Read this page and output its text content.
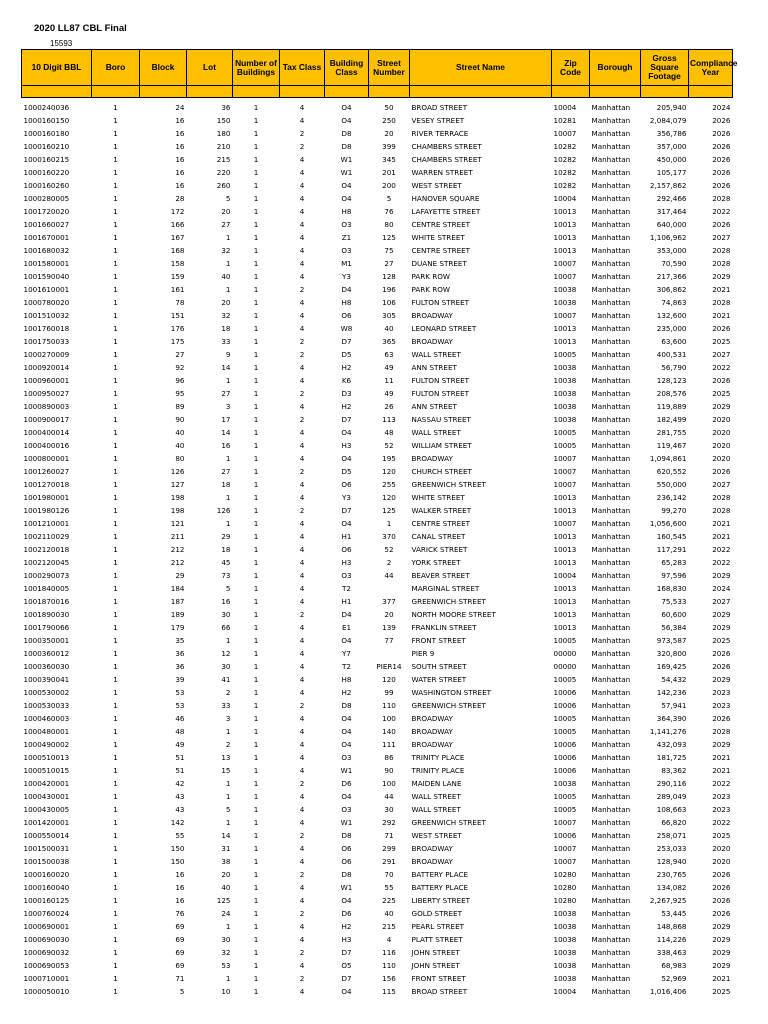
2020 LL87 CBL Final
15593
10 Digit BBL	Boro	Block	Lot	Number of Buildings	Tax Class	Building Class	Street Number	Street Name	Zip Code	Borough	Gross Square Footage	Compliance Year

1000240036	1	24	36	1	4	O4	50	BROAD STREET	10004	Manhattan	205,940	2024
1000160150	1	16	150	1	4	O4	250	VESEY STREET	10281	Manhattan	2,084,079	2026
1000160180	1	16	180	1	2	D8	20	RIVER TERRACE	10007	Manhattan	356,786	2026
1000160210	1	16	210	1	2	D8	399	CHAMBERS STREET	10282	Manhattan	357,000	2026
1000160215	1	16	215	1	4	W1	345	CHAMBERS STREET	10282	Manhattan	450,000	2026
1000160220	1	16	220	1	4	W1	201	WARREN STREET	10282	Manhattan	105,177	2026
1000160260	1	16	260	1	4	O4	200	WEST STREET	10282	Manhattan	2,157,862	2026
1000280005	1	28	5	1	4	O4	5	HANOVER SQUARE	10004	Manhattan	292,466	2028
1001720020	1	172	20	1	4	H8	76	LAFAYETTE STREET	10013	Manhattan	317,464	2022
1001660027	1	166	27	1	4	O3	80	CENTRE STREET	10013	Manhattan	640,000	2026
1001670001	1	167	1	1	4	Z1	125	WHITE STREET	10013	Manhattan	1,106,962	2027
1001680032	1	168	32	1	4	O3	75	CENTRE STREET	10013	Manhattan	353,000	2028
1001580001	1	158	1	1	4	M1	27	DUANE STREET	10007	Manhattan	70,590	2028
1001590040	1	159	40	1	4	Y3	128	PARK ROW	10007	Manhattan	217,366	2029
1001610001	1	161	1	1	2	D4	196	PARK ROW	10038	Manhattan	306,862	2021
1000780020	1	78	20	1	4	H8	106	FULTON STREET	10038	Manhattan	74,863	2028
1001510032	1	151	32	1	4	O6	305	BROADWAY	10007	Manhattan	132,600	2021
1001760018	1	176	18	1	4	W8	40	LEONARD STREET	10013	Manhattan	235,000	2026
1001750033	1	175	33	1	2	D7	365	BROADWAY	10013	Manhattan	63,600	2025
1000270009	1	27	9	1	2	D5	63	WALL STREET	10005	Manhattan	400,531	2027
1000920014	1	92	14	1	4	H2	49	ANN STREET	10038	Manhattan	56,790	2022
1000960001	1	96	1	1	4	K6	11	FULTON STREET	10038	Manhattan	128,123	2026
1000950027	1	95	27	1	2	D3	49	FULTON STREET	10038	Manhattan	208,576	2025
1000890003	1	89	3	1	4	H2	26	ANN STREET	10038	Manhattan	119,889	2029
1000900017	1	90	17	1	2	D7	113	NASSAU STREET	10038	Manhattan	182,499	2020
1000400014	1	40	14	1	4	O4	48	WALL STREET	10005	Manhattan	281,755	2020
1000400016	1	40	16	1	4	H3	52	WILLIAM STREET	10005	Manhattan	119,467	2020
1000800001	1	80	1	1	4	O4	195	BROADWAY	10007	Manhattan	1,094,861	2020
1001260027	1	126	27	1	2	D5	120	CHURCH STREET	10007	Manhattan	620,552	2026
1001270018	1	127	18	1	4	O6	255	GREENWICH STREET	10007	Manhattan	550,000	2027
1001980001	1	198	1	1	4	Y3	120	WHITE STREET	10013	Manhattan	236,142	2028
1001980126	1	198	126	1	2	D7	125	WALKER STREET	10013	Manhattan	99,270	2028
1001210001	1	121	1	1	4	O4	1	CENTRE STREET	10007	Manhattan	1,056,600	2021
1002110029	1	211	29	1	4	H1	370	CANAL STREET	10013	Manhattan	160,545	2021
1002120018	1	212	18	1	4	O6	52	VARICK STREET	10013	Manhattan	117,291	2022
1002120045	1	212	45	1	4	H3	2	YORK STREET	10013	Manhattan	65,283	2022
1000290073	1	29	73	1	4	O3	44	BEAVER STREET	10004	Manhattan	97,596	2029
1001840005	1	184	5	1	4	T2		MARGINAL STREET	10013	Manhattan	168,830	2024
1001870016	1	187	16	1	4	H1	377	GREENWICH STREET	10013	Manhattan	75,533	2027
1001890030	1	189	30	1	2	D4	20	NORTH MOORE STREET	10013	Manhattan	60,600	2029
1001790066	1	179	66	1	4	E1	139	FRANKLIN STREET	10013	Manhattan	56,384	2029
1000350001	1	35	1	1	4	O4	77	FRONT STREET	10005	Manhattan	973,587	2025
1000360012	1	36	12	1	4	Y7		PIER 9	00000	Manhattan	320,800	2026
1000360030	1	36	30	1	4	T2	PIER14	SOUTH STREET	00000	Manhattan	169,425	2026
1000390041	1	39	41	1	4	H8	120	WATER STREET	10005	Manhattan	54,432	2029
1000530002	1	53	2	1	4	H2	99	WASHINGTON STREET	10006	Manhattan	142,236	2023
1000530033	1	53	33	1	2	D8	110	GREENWICH STREET	10006	Manhattan	57,941	2023
1000460003	1	46	3	1	4	O4	100	BROADWAY	10005	Manhattan	364,390	2026
1000480001	1	48	1	1	4	O4	140	BROADWAY	10005	Manhattan	1,141,276	2028
1000490002	1	49	2	1	4	O4	111	BROADWAY	10006	Manhattan	432,093	2029
1000510013	1	51	13	1	4	O3	86	TRINITY PLACE	10006	Manhattan	181,725	2021
1000510015	1	51	15	1	4	W1	90	TRINITY PLACE	10006	Manhattan	83,362	2021
1000420001	1	42	1	1	2	D6	100	MAIDEN LANE	10038	Manhattan	290,116	2022
1000430001	1	43	1	1	4	O4	44	WALL STREET	10005	Manhattan	289,049	2023
1000430005	1	43	5	1	4	O3	30	WALL STREET	10005	Manhattan	108,663	2023
1001420001	1	142	1	1	4	W1	292	GREENWICH STREET	10007	Manhattan	66,820	2022
1000550014	1	55	14	1	2	D8	71	WEST STREET	10006	Manhattan	258,071	2025
1001500031	1	150	31	1	4	O6	299	BROADWAY	10007	Manhattan	253,033	2020
1001500038	1	150	38	1	4	O6	291	BROADWAY	10007	Manhattan	128,940	2020
1000160020	1	16	20	1	2	D8	70	BATTERY PLACE	10280	Manhattan	230,765	2026
1000160040	1	16	40	1	4	W1	55	BATTERY PLACE	10280	Manhattan	134,082	2026
1000160125	1	16	125	1	4	O4	225	LIBERTY STREET	10280	Manhattan	2,267,925	2026
1000760024	1	76	24	1	2	D6	40	GOLD STREET	10038	Manhattan	53,445	2026
1000690001	1	69	1	1	4	H2	215	PEARL STREET	10038	Manhattan	148,868	2029
1000690030	1	69	30	1	4	H3	4	PLATT STREET	10038	Manhattan	114,226	2029
1000690032	1	69	32	1	2	D7	116	JOHN STREET	10038	Manhattan	338,463	2029
1000690053	1	69	53	1	4	O5	110	JOHN STREET	10038	Manhattan	68,983	2029
1000710001	1	71	1	1	2	D7	156	FRONT STREET	10038	Manhattan	52,969	2021
1000050010	1	5	10	1	4	O4	115	BROAD STREET	10004	Manhattan	1,016,406	2025
